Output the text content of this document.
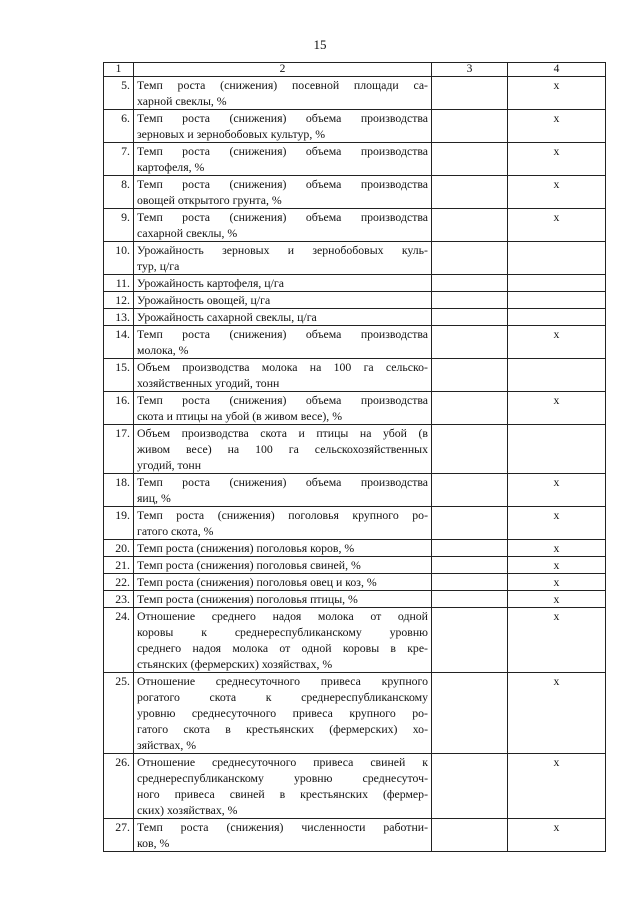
15
1	2	3	4
5.	Темп роста (снижения) посевной площади са-
харной свеклы, %		x
6.	Темп роста (снижения) объема производства
зерновых и зернобобовых культур, %		x
7.	Темп роста (снижения) объема производства
картофеля, %		x
8.	Темп роста (снижения) объема производства
овощей открытого грунта, %		x
9.	Темп роста (снижения) объема производства
сахарной свеклы, %		x
10.	Урожайность зерновых и зернобобовых куль-
тур, ц/га		

11.	Урожайность картофеля, ц/га		

12.	Урожайность овощей, ц/га		

13.	Урожайность сахарной свеклы, ц/га		

14.	Темп роста (снижения) объема производства
молока, %		x
15.	Объем производства молока на 100 га сельско-
хозяйственных угодий, тонн		

16.	Темп роста (снижения) объема производства
скота и птицы на убой (в живом весе), %		x
17.	Объем производства скота и птицы на убой (в
живом весе) на 100 га сельскохозяйственных
угодий, тонн		

18.	Темп роста (снижения) объема производства
яиц, %		x
19.	Темп роста (снижения) поголовья крупного ро-
гатого скота, %		x
20.	Темп роста (снижения) поголовья коров, %		x
21.	Темп роста (снижения) поголовья свиней, %		x
22.	Темп роста (снижения) поголовья овец и коз, %		x
23.	Темп роста (снижения) поголовья птицы, %		x
24.	Отношение среднего надоя молока от одной
коровы к среднереспубликанскому уровню
среднего надоя молока от одной коровы в кре-
стьянских (фермерских) хозяйствах, %		x
25.	Отношение среднесуточного привеса крупного
рогатого скота к среднереспубликанскому
уровню среднесуточного привеса крупного ро-
гатого скота в крестьянских (фермерских) хо-
зяйствах, %		x
26.	Отношение среднесуточного привеса свиней к
среднереспубликанскому уровню среднесуточ-
ного привеса свиней в крестьянских (фермер-
ских) хозяйствах, %		x
27.	Темп роста (снижения) численности работни-
ков, %		x
